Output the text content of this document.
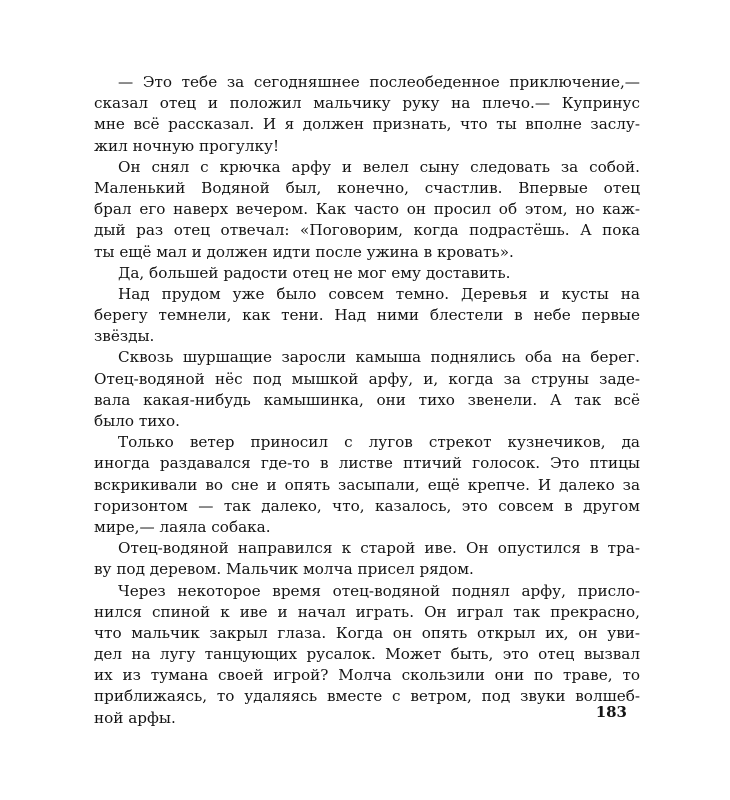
— Это тебе за сегодняшнее послеобеденное приключение,—
сказал отец и положил мальчику руку на плечо.— Купринус
мне всё рассказал. И я должен признать, что ты вполне заслу-
жил ночную прогулку!
Он снял с крючка арфу и велел сыну следовать за собой.
Маленький Водяной был, конечно, счастлив. Впервые отец
брал его наверх вечером. Как часто он просил об этом, но каж-
дый раз отец отвечал: «Поговорим, когда подрастёшь. А пока
ты ещё мал и должен идти после ужина в кровать».
Да, большей радости отец не мог ему доставить.
Над прудом уже было совсем темно. Деревья и кусты на
берегу темнели, как тени. Над ними блестели в небе первые
звёзды.
Сквозь шуршащие заросли камыша поднялись оба на берег.
Отец-водяной нёс под мышкой арфу, и, когда за струны заде-
вала какая-нибудь камышинка, они тихо звенели. А так всё
было тихо.
Только ветер приносил с лугов стрекот кузнечиков, да
иногда раздавался где-то в листве птичий голосок. Это птицы
вскрикивали во сне и опять засыпали, ещё крепче. И далеко за
горизонтом — так далеко, что, казалось, это совсем в другом
мире,— лаяла собака.
Отец-водяной направился к старой иве. Он опустился в тра-
ву под деревом. Мальчик молча присел рядом.
Через некоторое время отец-водяной поднял арфу, присло-
нился спиной к иве и начал играть. Он играл так прекрасно,
что мальчик закрыл глаза. Когда он опять открыл их, он уви-
дел на лугу танцующих русалок. Может быть, это отец вызвал
их из тумана своей игрой? Молча скользили они по траве, то
приближаясь, то удаляясь вместе с ветром, под звуки волшеб-
ной арфы.	183
